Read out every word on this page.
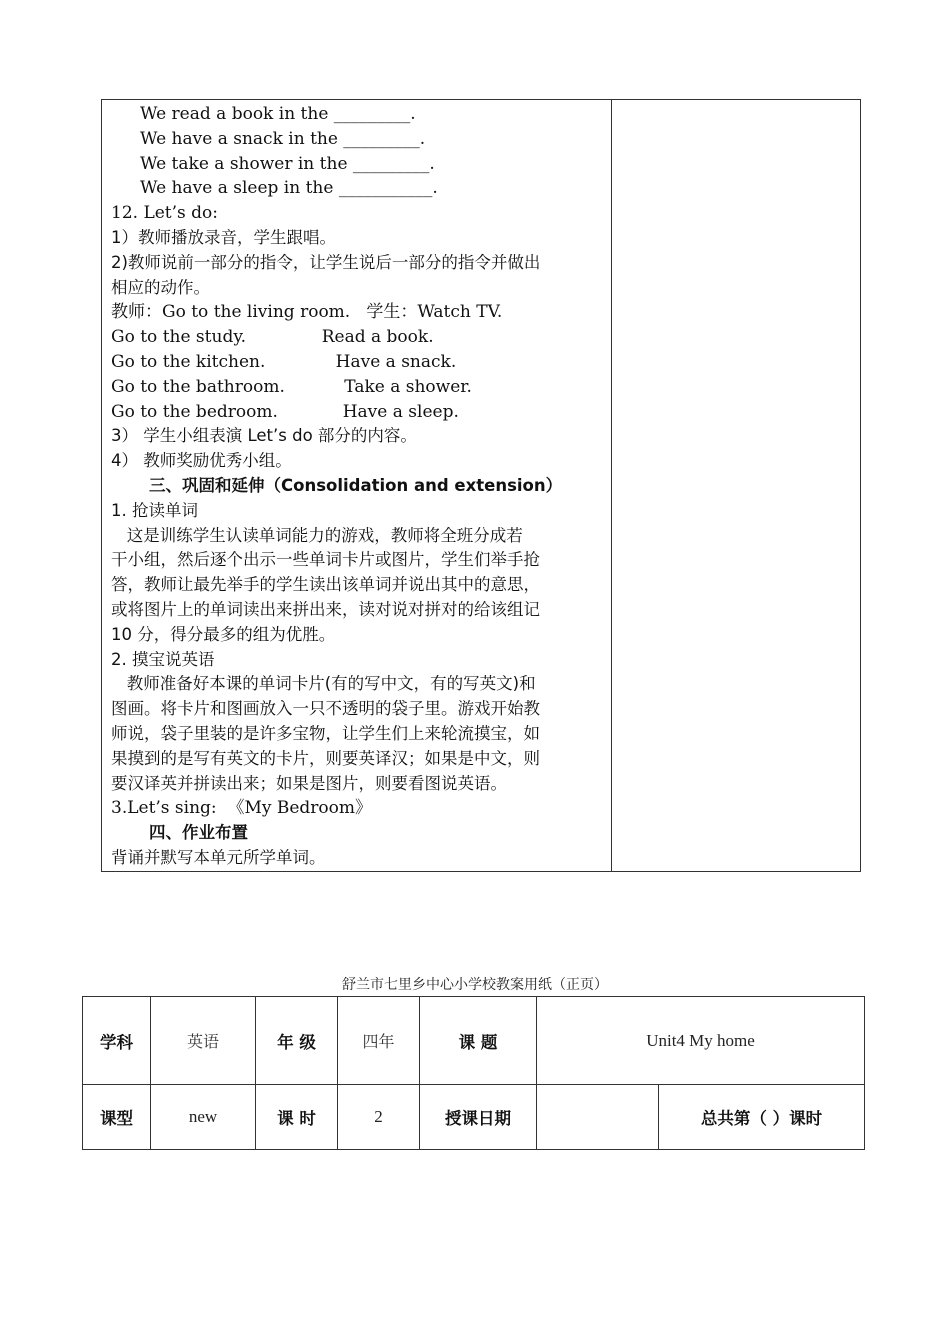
We read a book in the _________.
We have a snack in the _________.
We take a shower in the _________.
We have a sleep in the ___________.
12. Let’s do:
1）教师播放录音，学生跟唱。
2)教师说前一部分的指令，让学生说后一部分的指令并做出
相应的动作。
教师：Go to the living room.   学生：Watch TV.
Go to the study.              Read a book.
Go to the kitchen.             Have a snack.
Go to the bathroom.           Take a shower.
Go to the bedroom.            Have a sleep.
3） 学生小组表演 Let’s do 部分的内容。
4） 教师奖励优秀小组。
三、巩固和延伸（Consolidation and extension）
1. 抢读单词
这是训练学生认读单词能力的游戏，教师将全班分成若
干小组，然后逐个出示一些单词卡片或图片，学生们举手抢
答，教师让最先举手的学生读出该单词并说出其中的意思，
或将图片上的单词读出来拼出来，读对说对拼对的给该组记
10 分，得分最多的组为优胜。
2. 摸宝说英语
教师准备好本课的单词卡片(有的写中文，有的写英文)和
图画。将卡片和图画放入一只不透明的袋子里。游戏开始教
师说，袋子里装的是许多宝物，让学生们上来轮流摸宝，如
果摸到的是写有英文的卡片，则要英译汉；如果是中文，则
要汉译英并拼读出来；如果是图片，则要看图说英语。
3.Let’s sing:  《My Bedroom》
四、作业布置
背诵并默写本单元所学单词。
舒兰市七里乡中心小学校教案用纸（正页）
学科	英语	年 级	四年	课 题	Unit4 My home	
课型	new	课 时	2	授课日期		总共第（ ）课时
